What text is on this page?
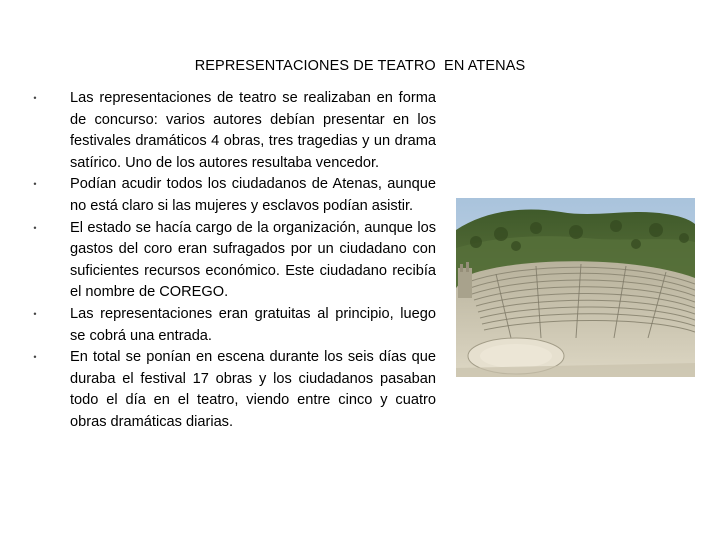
REPRESENTACIONES DE TEATRO  EN ATENAS
• Las representaciones de teatro se realizaban en forma de concurso: varios autores debían presentar en los festivales dramáticos 4 obras, tres tragedias y un drama satírico. Uno de los autores resultaba vencedor.
• Podían acudir todos los ciudadanos de Atenas, aunque no está claro si las mujeres y esclavos podían asistir.
• El estado se hacía cargo de la organización, aunque los gastos del coro eran sufragados por un ciudadano con suficientes recursos económico. Este ciudadano recibía el nombre de COREGO.
• Las representaciones eran gratuitas al principio, luego se cobrá una entrada.
• En total se ponían en escena durante los seis días que duraba el festival 17 obras y los ciudadanos pasaban todo el día en el teatro, viendo entre cinco y cuatro obras dramáticas diarias.
